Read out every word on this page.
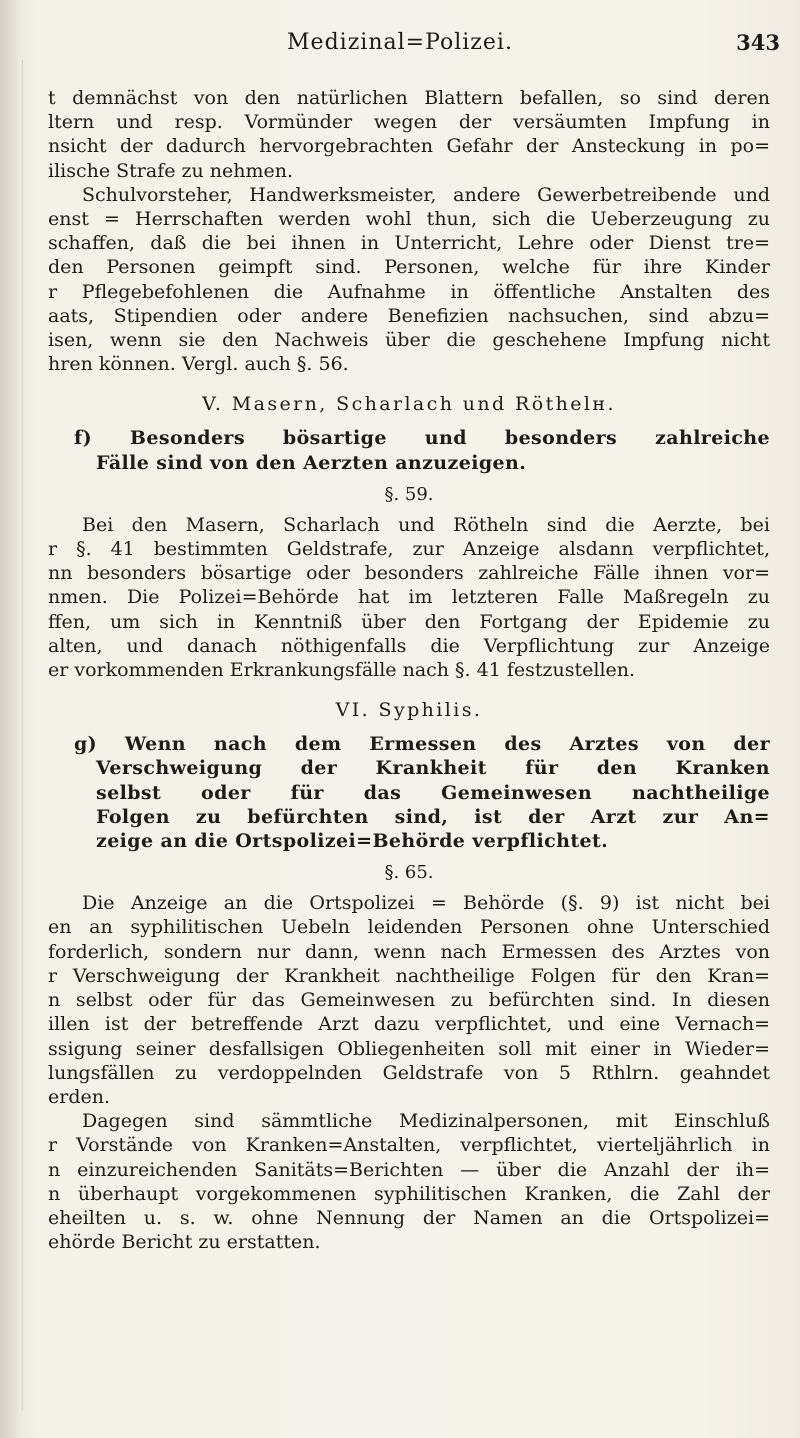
Medizinal=Polizei.	343
t demnächst von den natürlichen Blattern befallen, so sind deren
ltern und resp. Vormünder wegen der versäumten Impfung in
nsicht der dadurch hervorgebrachten Gefahr der Ansteckung in po=
ilische Strafe zu nehmen.
Schulvorsteher, Handwerksmeister, andere Gewerbetreibende und
enst = Herrschaften werden wohl thun, sich die Ueberzeugung zu
schaffen, daß die bei ihnen in Unterricht, Lehre oder Dienst tre=
den Personen geimpft sind. Personen, welche für ihre Kinder
r Pflegebefohlenen die Aufnahme in öffentliche Anstalten des
aats, Stipendien oder andere Benefizien nachsuchen, sind abzu=
isen, wenn sie den Nachweis über die geschehene Impfung nicht
hren können. Vergl. auch §. 56.
V. Masern, Scharlach und Röthelн.
f) Besonders bösartige und besonders zahlreiche
Fälle sind von den Aerzten anzuzeigen.
§. 59.
Bei den Masern, Scharlach und Rötheln sind die Aerzte, bei
r §. 41 bestimmten Geldstrafe, zur Anzeige alsdann verpflichtet,
nn besonders bösartige oder besonders zahlreiche Fälle ihnen vor=
nmen. Die Polizei=Behörde hat im letzteren Falle Maßregeln zu
ffen, um sich in Kenntniß über den Fortgang der Epidemie zu
alten, und danach nöthigenfalls die Verpflichtung zur Anzeige
er vorkommenden Erkrankungsfälle nach §. 41 festzustellen.
VI. Syphilis.
g) Wenn nach dem Ermessen des Arztes von der
Verschweigung der Krankheit für den Kranken
selbst oder für das Gemeinwesen nachtheilige
Folgen zu befürchten sind, ist der Arzt zur An=
zeige an die Ortspolizei=Behörde verpflichtet.
§. 65.
Die Anzeige an die Ortspolizei = Behörde (§. 9) ist nicht bei
en an syphilitischen Uebeln leidenden Personen ohne Unterschied
forderlich, sondern nur dann, wenn nach Ermessen des Arztes von
r Verschweigung der Krankheit nachtheilige Folgen für den Kran=
n selbst oder für das Gemeinwesen zu befürchten sind. In diesen
illen ist der betreffende Arzt dazu verpflichtet, und eine Vernach=
ssigung seiner desfallsigen Obliegenheiten soll mit einer in Wieder=
lungsfällen zu verdoppelnden Geldstrafe von 5 Rthlrn. geahndet
erden.
Dagegen sind sämmtliche Medizinalpersonen, mit Einschluß
r Vorstände von Kranken=Anstalten, verpflichtet, vierteljährlich in
n einzureichenden Sanitäts=Berichten — über die Anzahl der ih=
n überhaupt vorgekommenen syphilitischen Kranken, die Zahl der
eheilten u. s. w. ohne Nennung der Namen an die Ortspolizei=
ehörde Bericht zu erstatten.
